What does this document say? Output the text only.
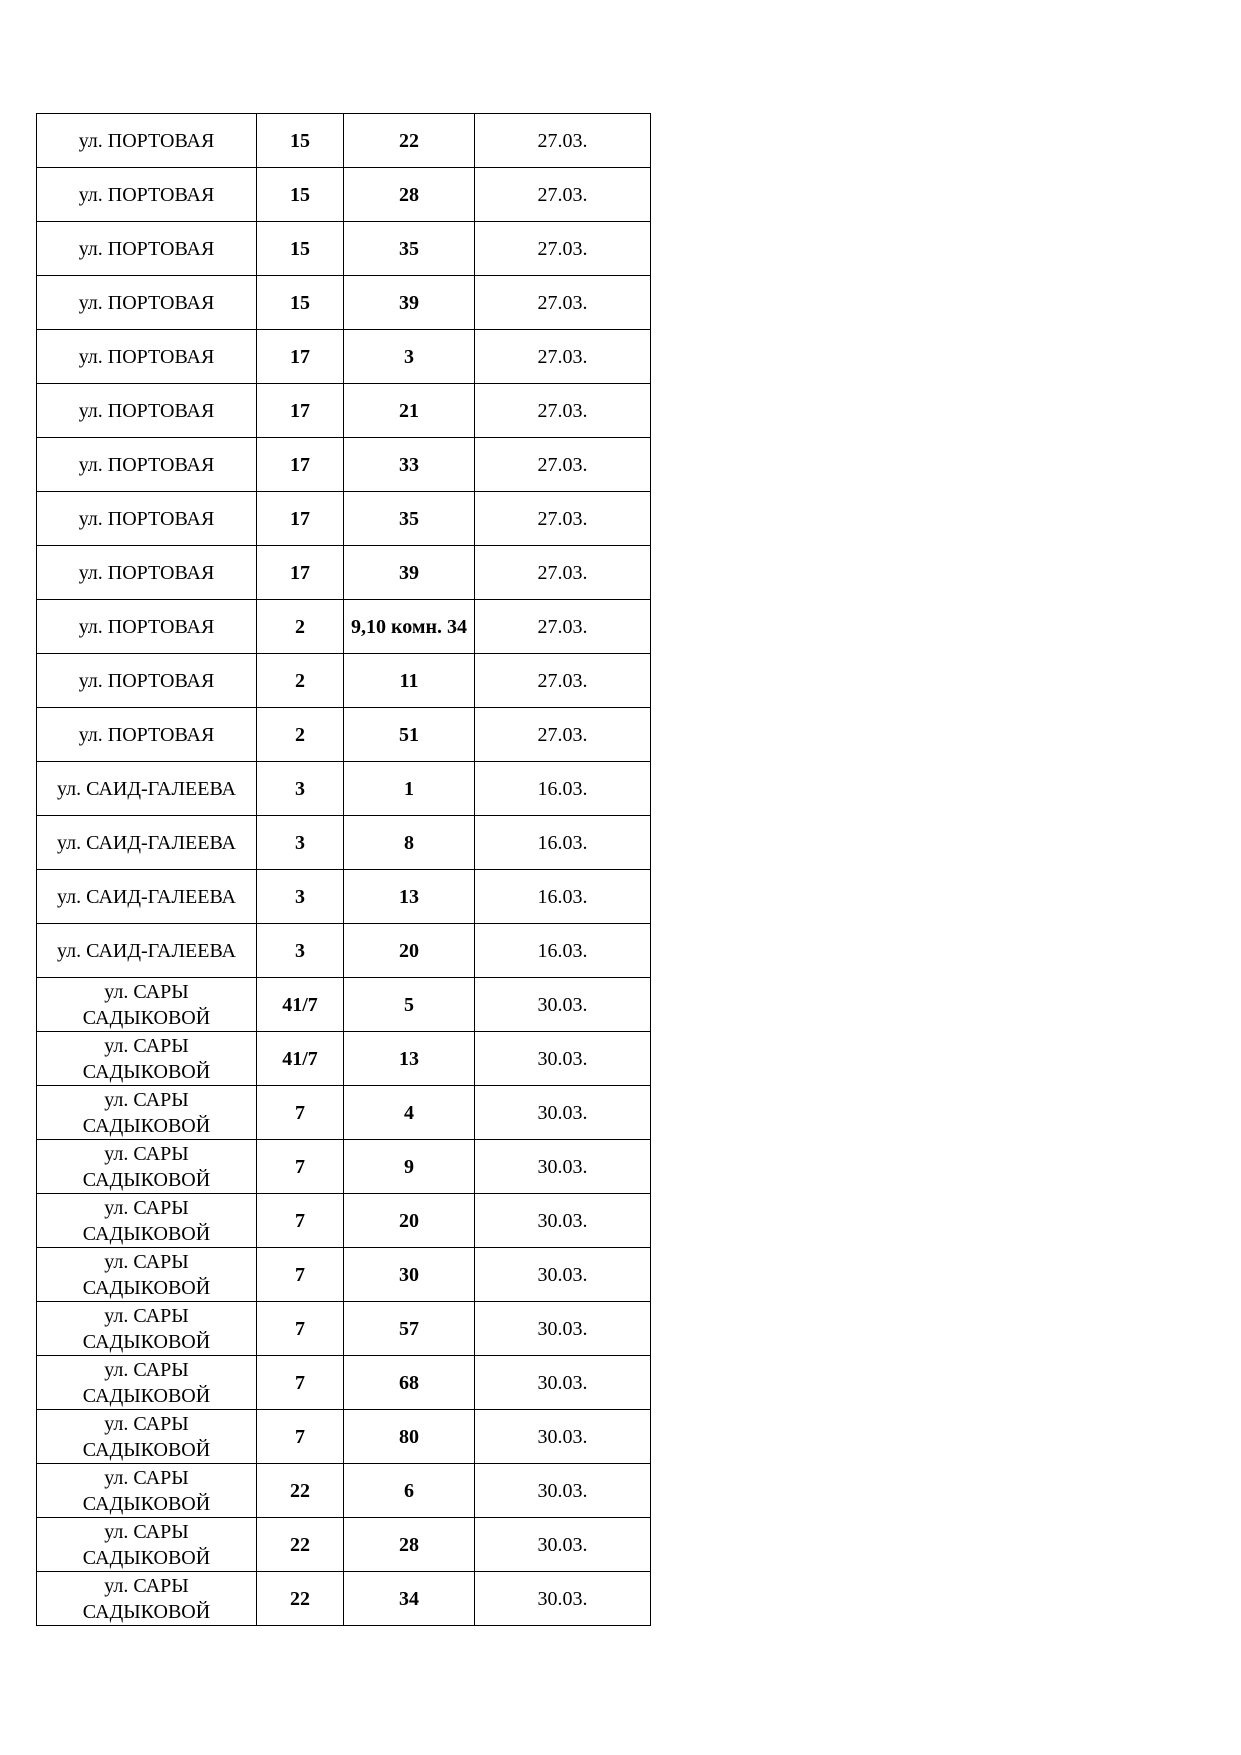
ул. ПОРТОВАЯ	15	22	27.03.
ул. ПОРТОВАЯ	15	28	27.03.
ул. ПОРТОВАЯ	15	35	27.03.
ул. ПОРТОВАЯ	15	39	27.03.
ул. ПОРТОВАЯ	17	3	27.03.
ул. ПОРТОВАЯ	17	21	27.03.
ул. ПОРТОВАЯ	17	33	27.03.
ул. ПОРТОВАЯ	17	35	27.03.
ул. ПОРТОВАЯ	17	39	27.03.
ул. ПОРТОВАЯ	2	9,10 комн. 34	27.03.
ул. ПОРТОВАЯ	2	11	27.03.
ул. ПОРТОВАЯ	2	51	27.03.
ул. САИД-ГАЛЕЕВА	3	1	16.03.
ул. САИД-ГАЛЕЕВА	3	8	16.03.
ул. САИД-ГАЛЕЕВА	3	13	16.03.
ул. САИД-ГАЛЕЕВА	3	20	16.03.
ул. САРЫ САДЫКОВОЙ	41/7	5	30.03.
ул. САРЫ САДЫКОВОЙ	41/7	13	30.03.
ул. САРЫ САДЫКОВОЙ	7	4	30.03.
ул. САРЫ САДЫКОВОЙ	7	9	30.03.
ул. САРЫ САДЫКОВОЙ	7	20	30.03.
ул. САРЫ САДЫКОВОЙ	7	30	30.03.
ул. САРЫ САДЫКОВОЙ	7	57	30.03.
ул. САРЫ САДЫКОВОЙ	7	68	30.03.
ул. САРЫ САДЫКОВОЙ	7	80	30.03.
ул. САРЫ САДЫКОВОЙ	22	6	30.03.
ул. САРЫ САДЫКОВОЙ	22	28	30.03.
ул. САРЫ САДЫКОВОЙ	22	34	30.03.
